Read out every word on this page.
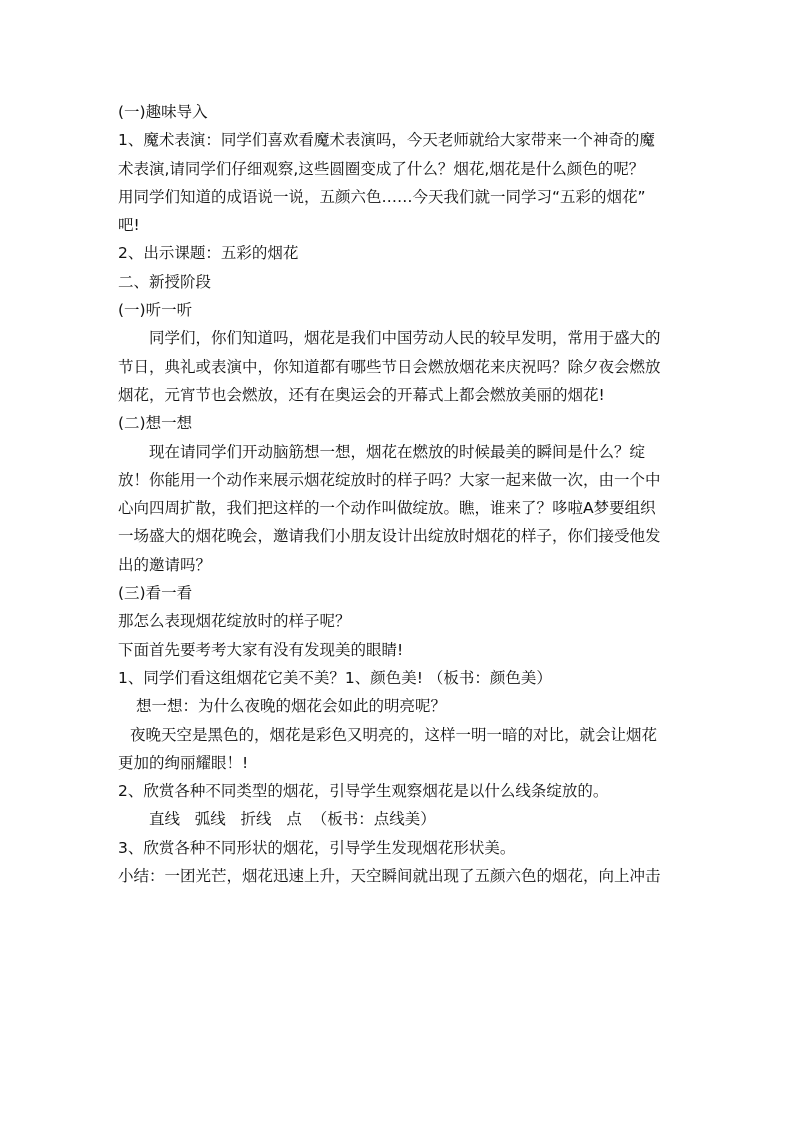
(一)趣味导入
1、魔术表演：同学们喜欢看魔术表演吗，今天老师就给大家带来一个神奇的魔
术表演,请同学们仔细观察,这些圆圈变成了什么？烟花,烟花是什么颜色的呢？
用同学们知道的成语说一说，五颜六色……今天我们就一同学习“五彩的烟花”
吧!
2、出示课题：五彩的烟花
二、新授阶段
(一)听一听
同学们，你们知道吗，烟花是我们中国劳动人民的较早发明，常用于盛大的
节日，典礼或表演中，你知道都有哪些节日会燃放烟花来庆祝吗？除夕夜会燃放
烟花，元宵节也会燃放，还有在奥运会的开幕式上都会燃放美丽的烟花!
(二)想一想
现在请同学们开动脑筋想一想，烟花在燃放的时候最美的瞬间是什么？绽
放！你能用一个动作来展示烟花绽放时的样子吗？大家一起来做一次，由一个中
心向四周扩散，我们把这样的一个动作叫做绽放。瞧，谁来了？哆啦A梦要组织
一场盛大的烟花晚会，邀请我们小朋友设计出绽放时烟花的样子，你们接受他发
出的邀请吗？
(三)看一看
那怎么表现烟花绽放时的样子呢？
下面首先要考考大家有没有发现美的眼睛!
1、同学们看这组烟花它美不美？1、颜色美! （板书：颜色美）
想一想：为什么夜晚的烟花会如此的明亮呢？
夜晚天空是黑色的，烟花是彩色又明亮的，这样一明一暗的对比，就会让烟花
更加的绚丽耀眼！!
2、欣赏各种不同类型的烟花，引导学生观察烟花是以什么线条绽放的。
直线   弧线   折线   点  （板书：点线美）
3、欣赏各种不同形状的烟花，引导学生发现烟花形状美。
小结：一团光芒，烟花迅速上升，天空瞬间就出现了五颜六色的烟花，向上冲击
